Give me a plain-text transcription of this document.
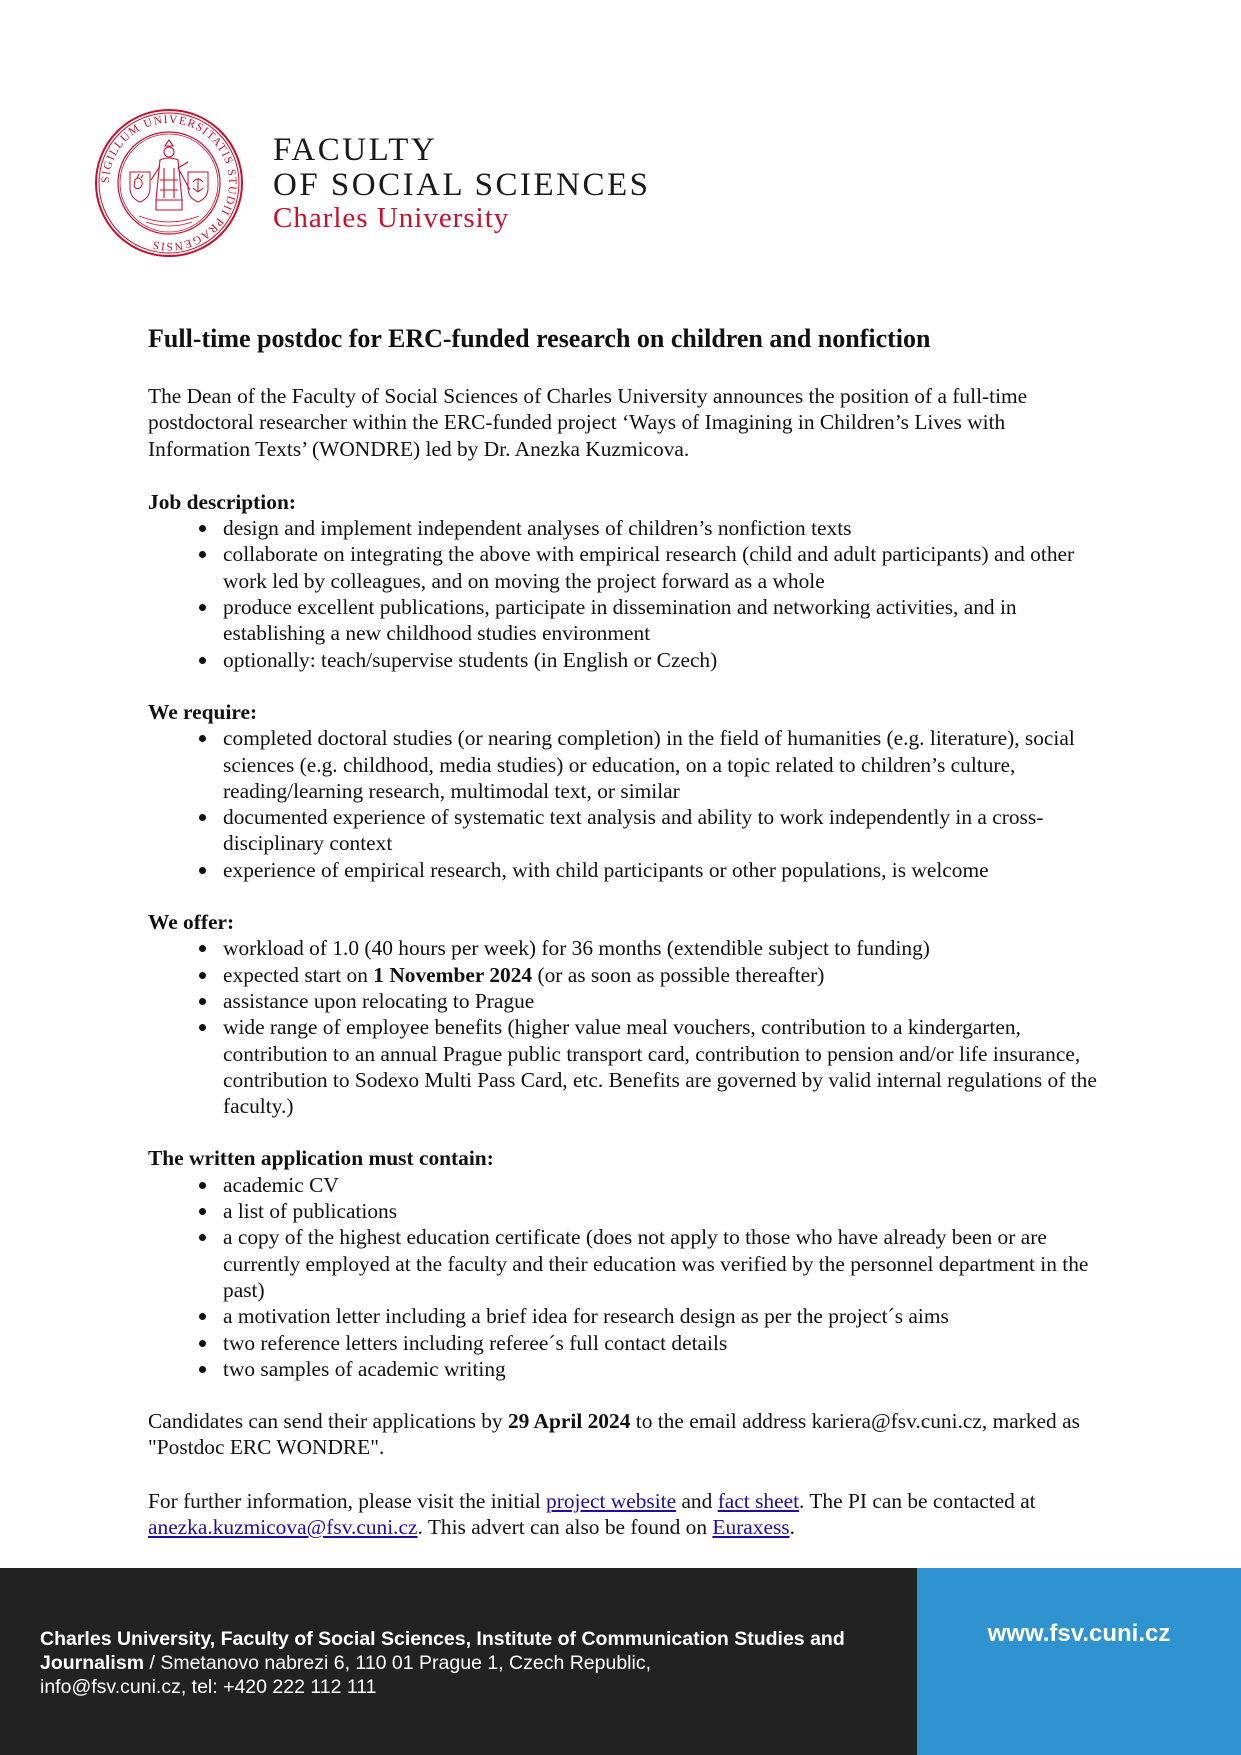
SIGILLUM UNIVERSITATIS STUDII PRAGENSIS
FACULTY
OF SOCIAL SCIENCES
Charles University
Full-time postdoc for ERC-funded research on children and nonfiction

The Dean of the Faculty of Social Sciences of Charles University announces the position of a full-time postdoctoral researcher within the ERC-funded project ‘Ways of Imagining in Children’s Lives with Information Texts’ (WONDRE) led by Dr. Anezka Kuzmicova.

Job description:

design and implement independent analyses of children’s nonfiction texts
collaborate on integrating the above with empirical research (child and adult participants) and other work led by colleagues, and on moving the project forward as a whole
produce excellent publications, participate in dissemination and networking activities, and in establishing a new childhood studies environment
optionally: teach/supervise students (in English or Czech)

We require:

completed doctoral studies (or nearing completion) in the field of humanities (e.g. literature), social sciences (e.g. childhood, media studies) or education, on a topic related to children’s culture, reading/learning research, multimodal text, or similar
documented experience of systematic text analysis and ability to work independently in a cross-disciplinary context
experience of empirical research, with child participants or other populations, is welcome

We offer:

workload of 1.0 (40 hours per week) for 36 months (extendible subject to funding)
expected start on 1 November 2024 (or as soon as possible thereafter)
assistance upon relocating to Prague
wide range of employee benefits (higher value meal vouchers, contribution to a kindergarten, contribution to an annual Prague public transport card, contribution to pension and/or life insurance, contribution to Sodexo Multi Pass Card, etc. Benefits are governed by valid internal regulations of the faculty.)

The written application must contain:

academic CV
a list of publications
a copy of the highest education certificate (does not apply to those who have already been or are currently employed at the faculty and their education was verified by the personnel department in the past)
a motivation letter including a brief idea for research design as per the project´s aims
two reference letters including referee´s full contact details
two samples of academic writing

Candidates can send their applications by 29 April 2024 to the email address kariera@fsv.cuni.cz, marked as "Postdoc ERC WONDRE".

For further information, please visit the initial project website and fact sheet. The PI can be contacted at anezka.kuzmicova@fsv.cuni.cz. This advert can also be found on Euraxess.

Charles University, Faculty of Social Sciences, Institute of Communication Studies and Journalism / Smetanovo nabrezi 6, 110 01 Prague 1, Czech Republic,
info@fsv.cuni.cz, tel: +420 222 112 111
www.fsv.cuni.cz
